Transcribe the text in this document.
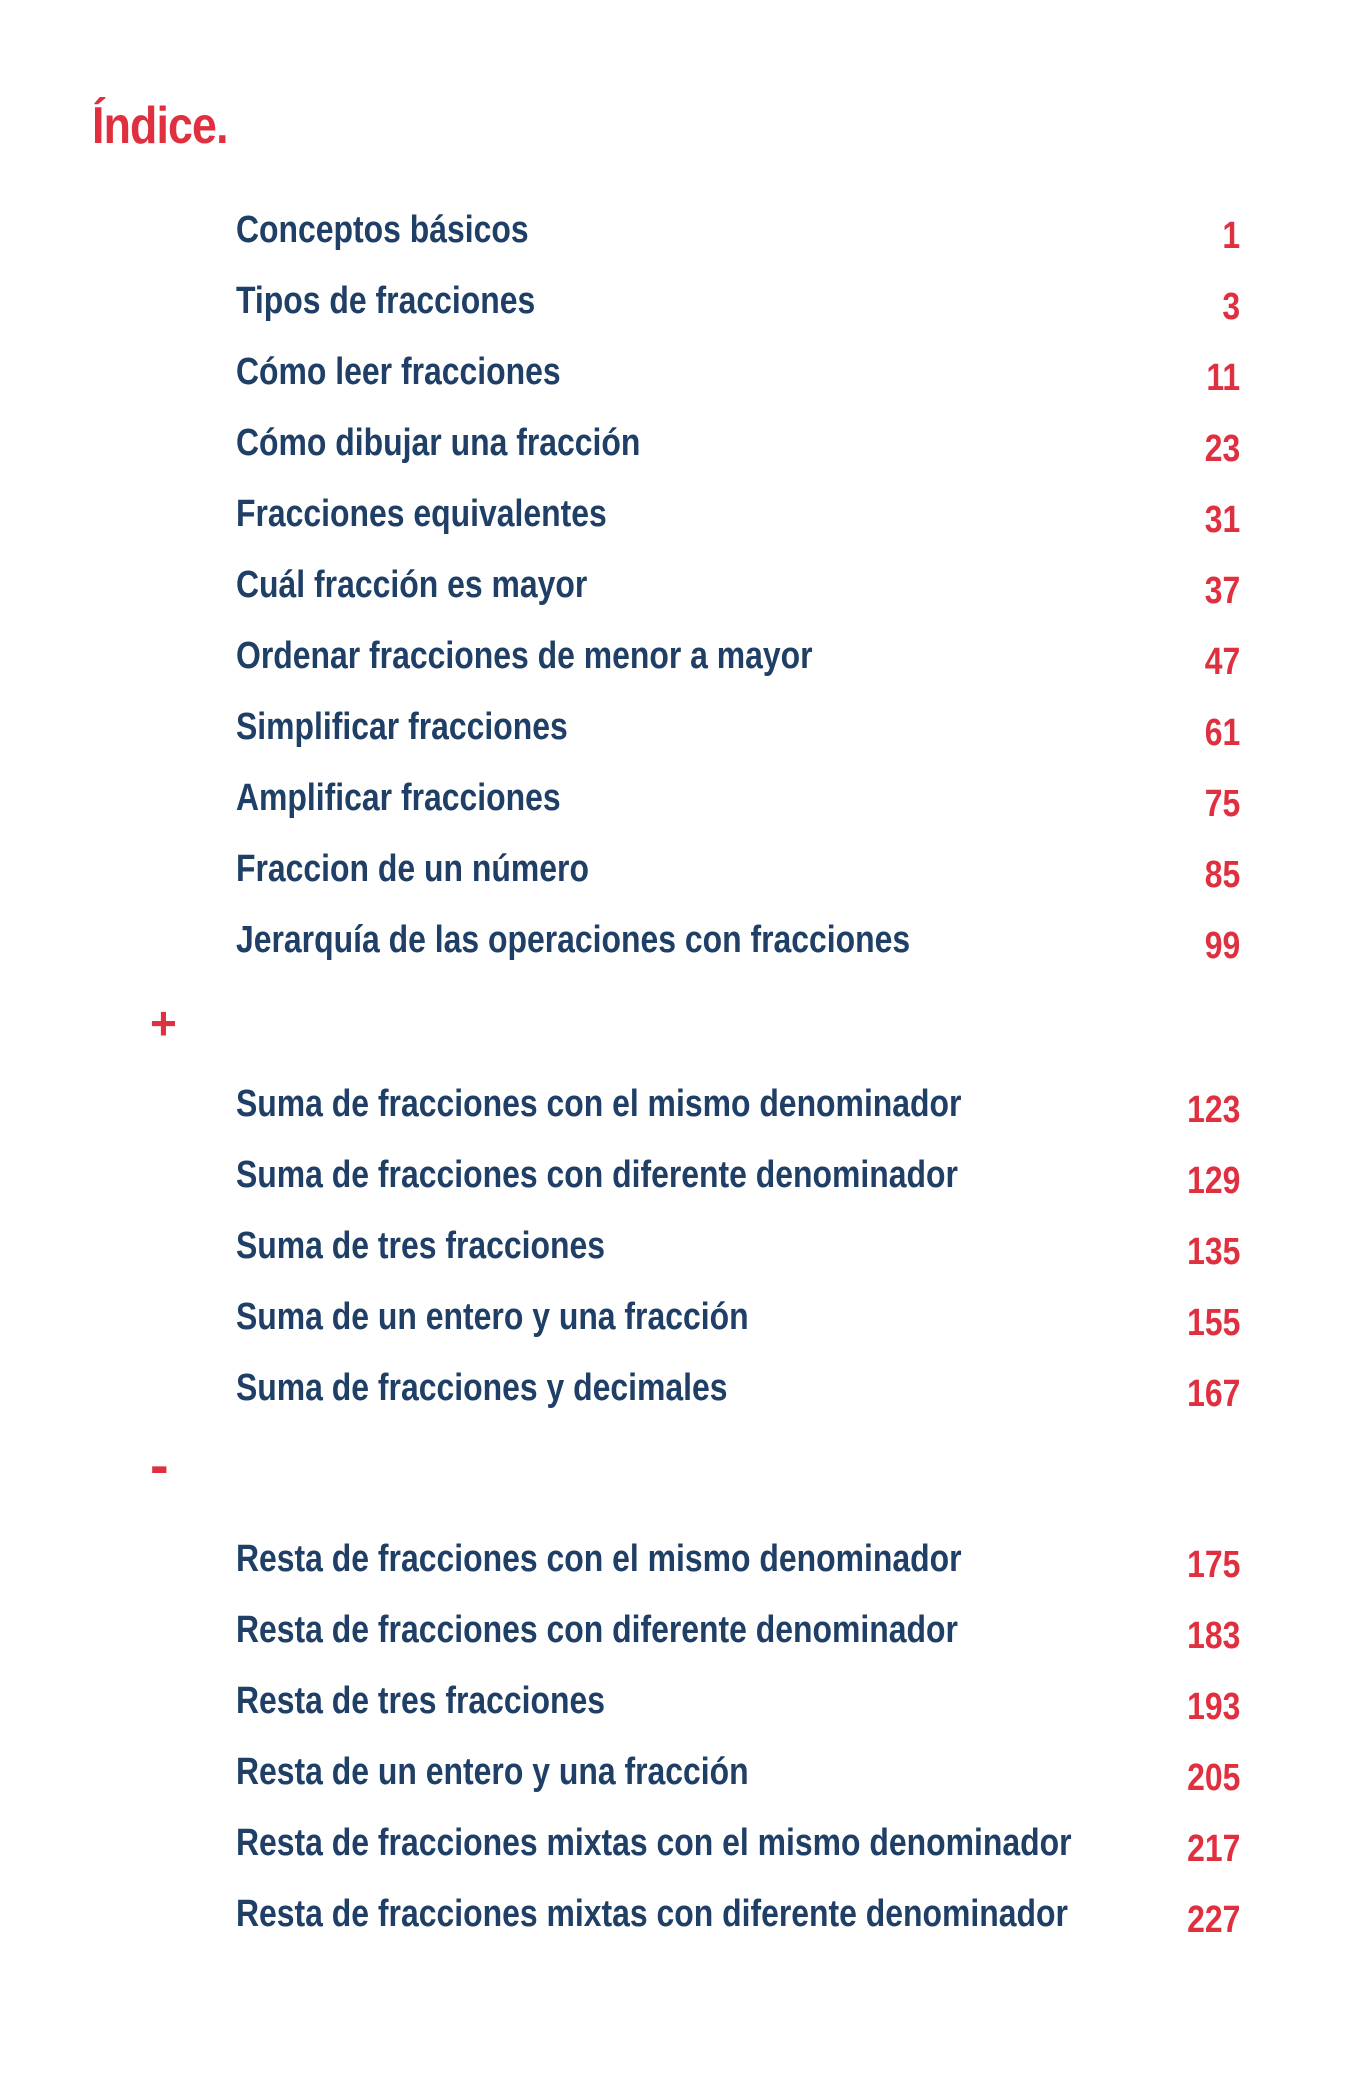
Índice.
Conceptos básicos	1
Tipos de fracciones	3
Cómo leer fracciones	11
Cómo dibujar una fracción	23
Fracciones equivalentes	31
Cuál fracción es mayor	37
Ordenar fracciones de menor a mayor	47
Simplificar fracciones	61
Amplificar fracciones	75
Fraccion de un número	85
Jerarquía de las operaciones con fracciones	99
+
Suma de fracciones con el mismo denominador	123
Suma de fracciones con diferente denominador	129
Suma de tres fracciones	135
Suma de un entero y una fracción	155
Suma de fracciones y decimales	167
-
Resta de fracciones con el mismo denominador	175
Resta de fracciones con diferente denominador	183
Resta de tres fracciones	193
Resta de un entero y una fracción	205
Resta de fracciones mixtas con el mismo denominador	217
Resta de fracciones mixtas con diferente denominador	227
